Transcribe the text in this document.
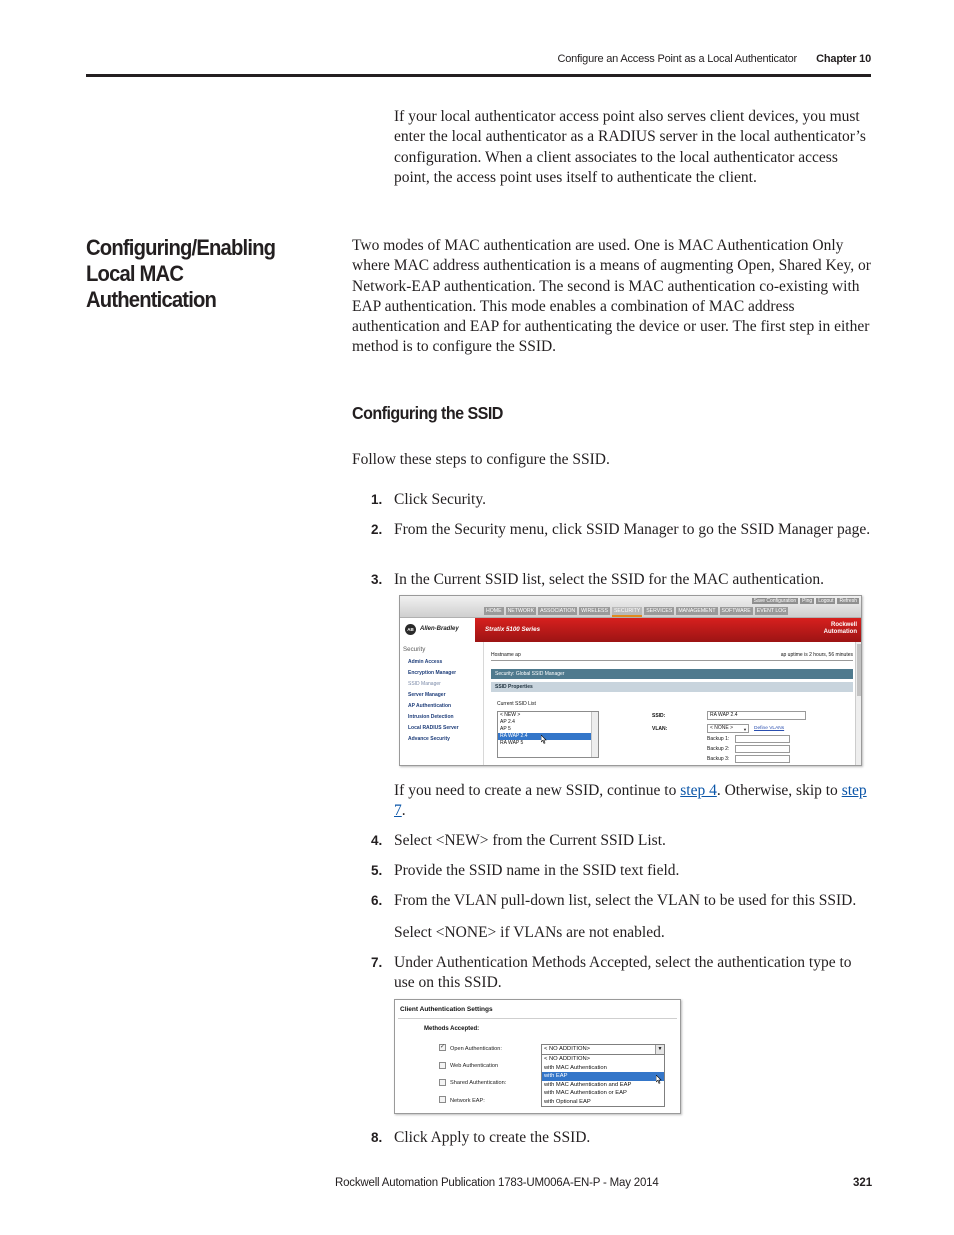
Configure an Access Point as a Local Authenticator Chapter 10

If your local authenticator access point also serves client devices, you must enter the local authenticator as a RADIUS server in the local authenticator’s configuration. When a client associates to the local authenticator access point, the access point uses itself to authenticate the client.

Configuring/Enabling Local MAC Authentication

Two modes of MAC authentication are used. One is MAC Authentication Only where MAC address authentication is a means of augmenting Open, Shared Key, or Network-EAP authentication. The second is MAC authentication co-existing with EAP authentication. This mode enables a combination of MAC address authentication and EAP for authenticating the device or user. The first step in either method is to configure the SSID.

Configuring the SSID

Follow these steps to configure the SSID.

1. Click Security.
2. From the Security menu, click SSID Manager to go the SSID Manager page.
3. In the Current SSID list, select the SSID for the MAC authentication.
Save Configuration Ping Logout Refresh
HOME NETWORK ASSOCIATION WIRELESS SECURITY SERVICES MANAGEMENT SOFTWARE EVENT LOG
AB	Allen-Bradley	Stratix 5100 Series
Rockwell
Automation
Security
Admin Access
Encryption Manager
SSID Manager
Server Manager
AP Authentication
Intrusion Detection
Local RADIUS Server
Advance Security
Hostname ap	ap uptime is 2 hours, 56 minutes
Security: Global SSID Manager
SSID Properties
Current SSID List
< NEW >
AP 2.4
AP 5
RA WAP 2.4
RA WAP 5
SSID:	RA WAP 2.4
VLAN:	< NONE > ▼ Define VLANs
Backup 1:
Backup 2:
Backup 3:

If you need to create a new SSID, continue to step 4. Otherwise, skip to step 7.

4. Select <NEW> from the Current SSID List.
5. Provide the SSID name in the SSID text field.
6. From the VLAN pull-down list, select the VLAN to be used for this SSID.

Select <NONE> if VLANs are not enabled.

7. Under Authentication Methods Accepted, select the authentication type to use on this SSID.
Client Authentication Settings
Methods Accepted:
✓ Open Authentication:
Web Authentication
Shared Authentication:
Network EAP:
< NO ADDITION>	▼
< NO ADDITION>
with MAC Authentication
with EAP
with MAC Authentication and EAP
with MAC Authentication or EAP
with Optional EAP
8. Click Apply to create the SSID.
Rockwell Automation Publication 1783-UM006A-EN-P - May 2014	321
